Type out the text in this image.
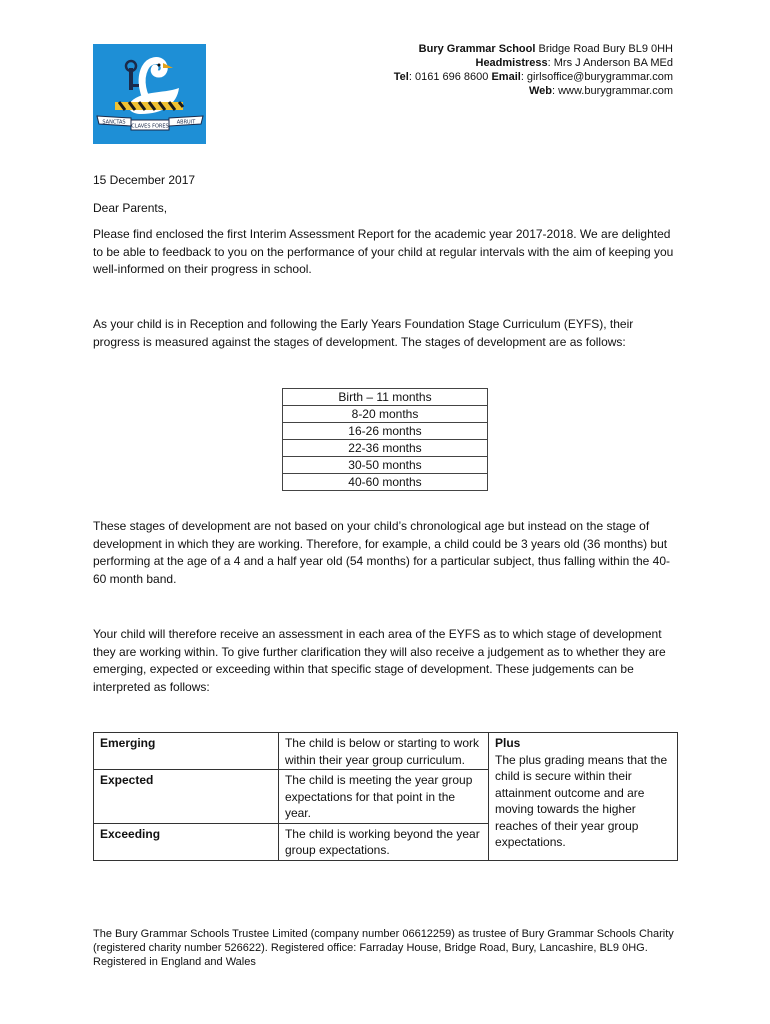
SANCTAS
CLAVES FORES
ABRUIT
Bury Grammar School Bridge Road Bury BL9 0HH
Headmistress: Mrs J Anderson BA MEd
Tel: 0161 696 8600 Email: girlsoffice@burygrammar.com
Web: www.burygrammar.com

15 December 2017

Dear Parents,

Please find enclosed the first Interim Assessment Report for the academic year 2017-2018. We are delighted to be able to feedback to you on the performance of your child at regular intervals with the aim of keeping you well-informed on their progress in school.

As your child is in Reception and following the Early Years Foundation Stage Curriculum (EYFS), their progress is measured against the stages of development. The stages of development are as follows:

Birth – 11 months
8-20 months
16-26 months
22-36 months
30-50 months
40-60 months

These stages of development are not based on your child’s chronological age but instead on the stage of development in which they are working. Therefore, for example, a child could be 3 years old (36 months) but performing at the age of a 4 and a half year old (54 months) for a particular subject, thus falling within the 40-60 month band.

Your child will therefore receive an assessment in each area of the EYFS as to which stage of development they are working within. To give further clarification they will also receive a judgement as to whether they are emerging, expected or exceeding within that specific stage of development. These judgements can be interpreted as follows:

Emerging	The child is below or starting to work within their year group curriculum.	Plus
The plus grading means that the child is secure within their attainment outcome and are moving towards the higher reaches of their year group expectations.
Expected	The child is meeting the year group expectations for that point in the year.	
Exceeding	The child is working beyond the year group expectations.	
The Bury Grammar Schools Trustee Limited (company number 06612259) as trustee of Bury Grammar Schools Charity (registered charity number 526622). Registered office: Farraday House, Bridge Road, Bury, Lancashire, BL9 0HG. Registered in England and Wales
